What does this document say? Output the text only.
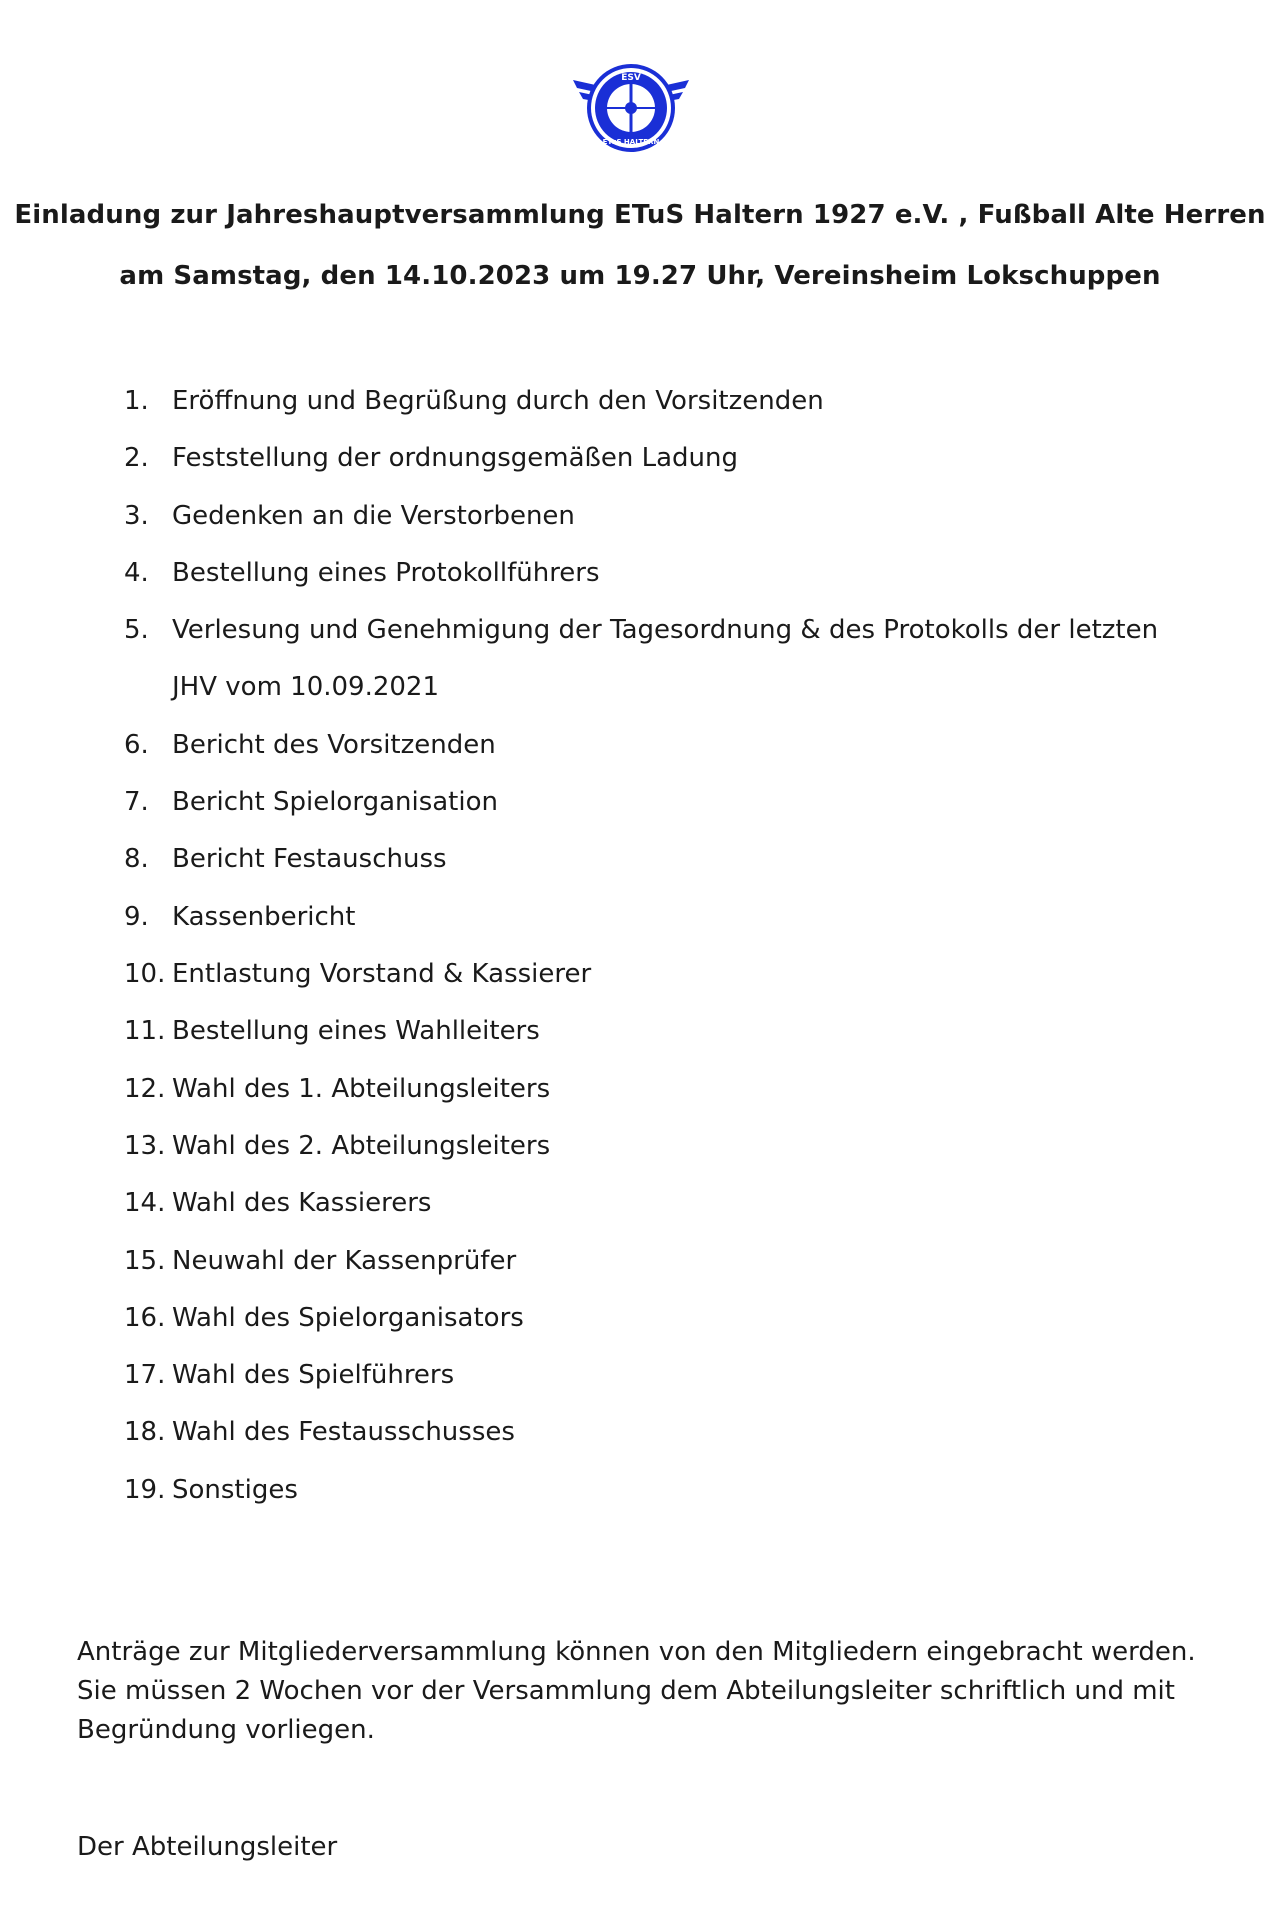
ESV
ETuS HALTERN
Einladung zur Jahreshauptversammlung ETuS Haltern 1927 e.V. , Fußball Alte Herren
am Samstag, den 14.10.2023 um 19.27 Uhr, Vereinsheim Lokschuppen
1. Eröffnung und Begrüßung durch den Vorsitzenden
2. Feststellung der ordnungsgemäßen Ladung
3. Gedenken an die Verstorbenen
4. Bestellung eines Protokollführers
5. Verlesung und Genehmigung der Tagesordnung & des Protokolls der letzten
JHV vom 10.09.2021
6. Bericht des Vorsitzenden
7. Bericht Spielorganisation
8. Bericht Festauschuss
9. Kassenbericht
10. Entlastung Vorstand & Kassierer
11. Bestellung eines Wahlleiters
12. Wahl des 1. Abteilungsleiters
13. Wahl des 2. Abteilungsleiters
14. Wahl des Kassierers
15. Neuwahl der Kassenprüfer
16. Wahl des Spielorganisators
17. Wahl des Spielführers
18. Wahl des Festausschusses
19. Sonstiges
Anträge zur Mitgliederversammlung können von den Mitgliedern eingebracht werden.
Sie müssen 2 Wochen vor der Versammlung dem Abteilungsleiter schriftlich und mit
Begründung vorliegen.
Der Abteilungsleiter
